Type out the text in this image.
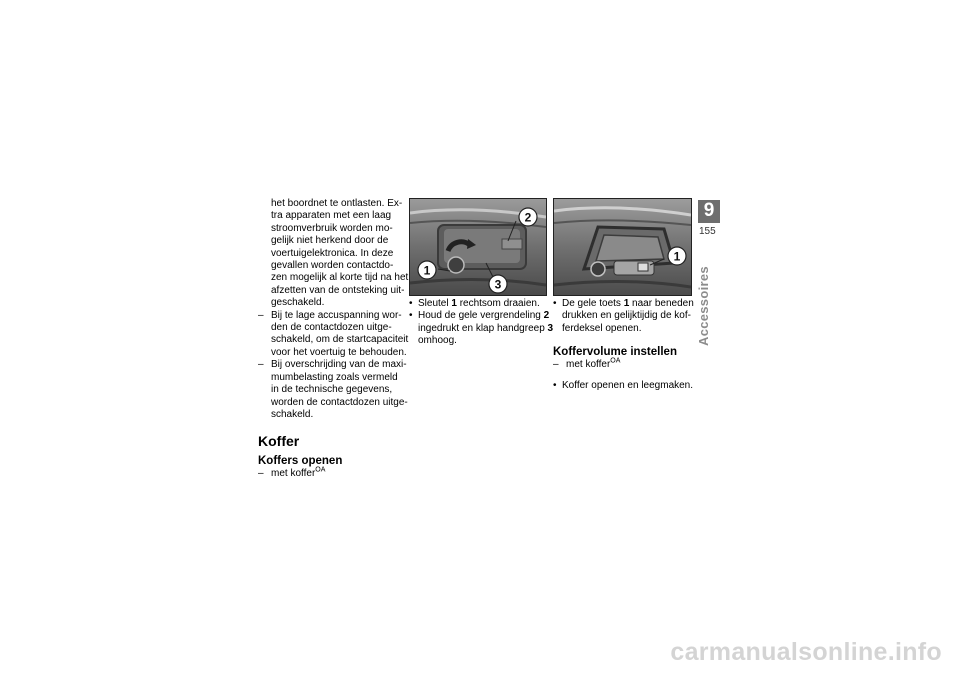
het boordnet te ontlasten. Ex-
tra apparaten met een laag
stroomverbruik worden mo-
gelijk niet herkend door de
voertuigelektronica. In deze
gevallen worden contactdo-
zen mogelijk al korte tijd na het
afzetten van de ontsteking uit-
geschakeld.
– Bij te lage accuspanning wor-
den de contactdozen uitge-
schakeld, om de startcapaciteit
voor het voertuig te behouden.
– Bij overschrijding van de maxi-
mumbelasting zoals vermeld
in de technische gegevens,
worden de contactdozen uitge-
schakeld.
Koffer
Koffers openen
– met koffer$^{OA}$
1
2
3
• Sleutel 1 rechtsom draaien.
• Houd de gele vergrendeling 2
ingedrukt en klap handgreep 3
omhoog.
1
• De gele toets 1 naar beneden
drukken en gelijktijdig de kof-
ferdeksel openen.
Koffervolume instellen
– met koffer$^{OA}$
• Koffer openen en leegmaken.
9
155
Accessoires
carmanualsonline.info
